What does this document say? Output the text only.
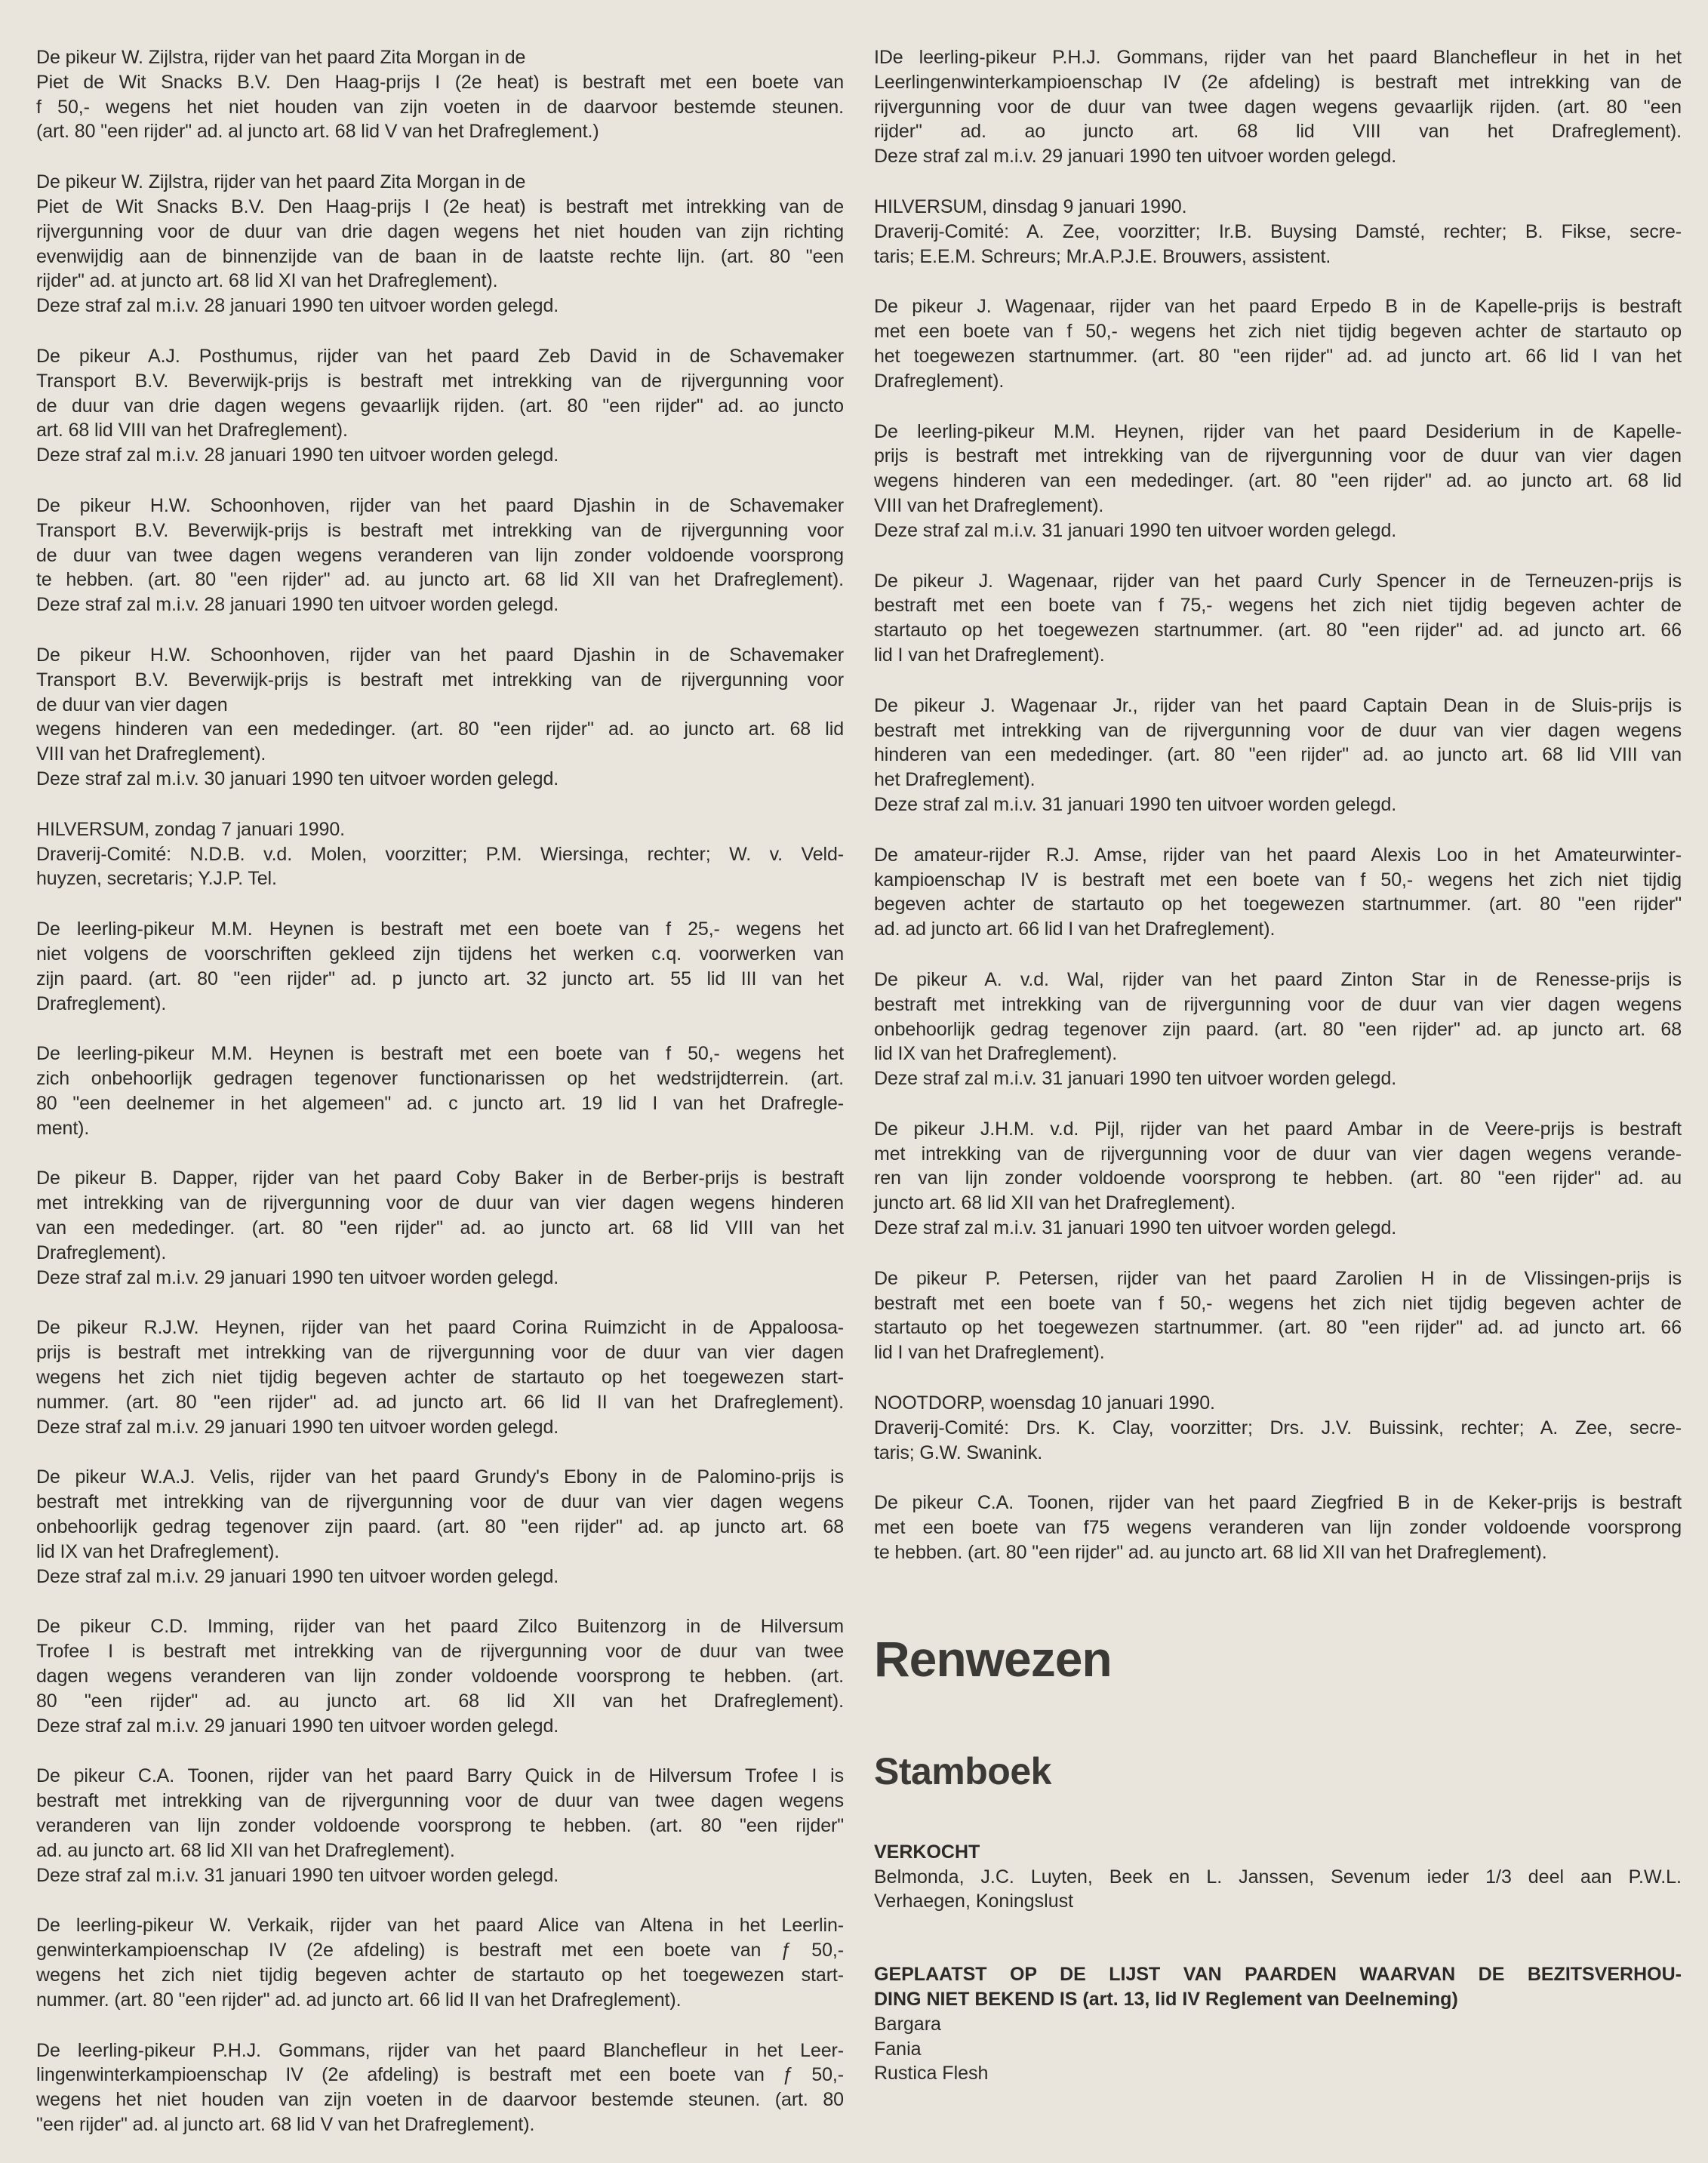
De pikeur W. Zijlstra, rijder van het paard Zita Morgan in de
Piet de Wit Snacks B.V. Den Haag-prijs I (2e heat) is bestraft met een boete van
f 50,- wegens het niet houden van zijn voeten in de daarvoor bestemde steunen.
(art. 80 "een rijder" ad. al juncto art. 68 lid V van het Drafreglement.)
De pikeur W. Zijlstra, rijder van het paard Zita Morgan in de
Piet de Wit Snacks B.V. Den Haag-prijs I (2e heat) is bestraft met intrekking van de
rijvergunning voor de duur van drie dagen wegens het niet houden van zijn richting
evenwijdig aan de binnenzijde van de baan in de laatste rechte lijn. (art. 80 "een
rijder" ad. at juncto art. 68 lid XI van het Drafreglement).
Deze straf zal m.i.v. 28 januari 1990 ten uitvoer worden gelegd.
De pikeur A.J. Posthumus, rijder van het paard Zeb David in de Schavemaker
Transport B.V. Beverwijk-prijs is bestraft met intrekking van de rijvergunning voor
de duur van drie dagen wegens gevaarlijk rijden. (art. 80 "een rijder" ad. ao juncto
art. 68 lid VIII van het Drafreglement).
Deze straf zal m.i.v. 28 januari 1990 ten uitvoer worden gelegd.
De pikeur H.W. Schoonhoven, rijder van het paard Djashin in de Schavemaker
Transport B.V. Beverwijk-prijs is bestraft met intrekking van de rijvergunning voor
de duur van twee dagen wegens veranderen van lijn zonder voldoende voorsprong
te hebben. (art. 80 "een rijder" ad. au juncto art. 68 lid XII van het Drafreglement).
Deze straf zal m.i.v. 28 januari 1990 ten uitvoer worden gelegd.
De pikeur H.W. Schoonhoven, rijder van het paard Djashin in de Schavemaker
Transport B.V. Beverwijk-prijs is bestraft met intrekking van de rijvergunning voor
de duur van vier dagen
wegens hinderen van een mededinger. (art. 80 "een rijder" ad. ao juncto art. 68 lid
VIII van het Drafreglement).
Deze straf zal m.i.v. 30 januari 1990 ten uitvoer worden gelegd.
HILVERSUM, zondag 7 januari 1990.
Draverij-Comité: N.D.B. v.d. Molen, voorzitter; P.M. Wiersinga, rechter; W. v. Veld-
huyzen, secretaris; Y.J.P. Tel.
De leerling-pikeur M.M. Heynen is bestraft met een boete van f 25,- wegens het
niet volgens de voorschriften gekleed zijn tijdens het werken c.q. voorwerken van
zijn paard. (art. 80 "een rijder" ad. p juncto art. 32 juncto art. 55 lid III van het
Drafreglement).
De leerling-pikeur M.M. Heynen is bestraft met een boete van f 50,- wegens het
zich onbehoorlijk gedragen tegenover functionarissen op het wedstrijdterrein. (art.
80 "een deelnemer in het algemeen" ad. c juncto art. 19 lid I van het Drafregle-
ment).
De pikeur B. Dapper, rijder van het paard Coby Baker in de Berber-prijs is bestraft
met intrekking van de rijvergunning voor de duur van vier dagen wegens hinderen
van een mededinger. (art. 80 "een rijder" ad. ao juncto art. 68 lid VIII van het
Drafreglement).
Deze straf zal m.i.v. 29 januari 1990 ten uitvoer worden gelegd.
De pikeur R.J.W. Heynen, rijder van het paard Corina Ruimzicht in de Appaloosa-
prijs is bestraft met intrekking van de rijvergunning voor de duur van vier dagen
wegens het zich niet tijdig begeven achter de startauto op het toegewezen start-
nummer. (art. 80 "een rijder" ad. ad juncto art. 66 lid II van het Drafreglement).
Deze straf zal m.i.v. 29 januari 1990 ten uitvoer worden gelegd.
De pikeur W.A.J. Velis, rijder van het paard Grundy's Ebony in de Palomino-prijs is
bestraft met intrekking van de rijvergunning voor de duur van vier dagen wegens
onbehoorlijk gedrag tegenover zijn paard. (art. 80 "een rijder" ad. ap juncto art. 68
lid IX van het Drafreglement).
Deze straf zal m.i.v. 29 januari 1990 ten uitvoer worden gelegd.
De pikeur C.D. Imming, rijder van het paard Zilco Buitenzorg in de Hilversum
Trofee I is bestraft met intrekking van de rijvergunning voor de duur van twee
dagen wegens veranderen van lijn zonder voldoende voorsprong te hebben. (art.
80 "een rijder" ad. au juncto art. 68 lid XII van het Drafreglement).
Deze straf zal m.i.v. 29 januari 1990 ten uitvoer worden gelegd.
De pikeur C.A. Toonen, rijder van het paard Barry Quick in de Hilversum Trofee I is
bestraft met intrekking van de rijvergunning voor de duur van twee dagen wegens
veranderen van lijn zonder voldoende voorsprong te hebben. (art. 80 "een rijder"
ad. au juncto art. 68 lid XII van het Drafreglement).
Deze straf zal m.i.v. 31 januari 1990 ten uitvoer worden gelegd.
De leerling-pikeur W. Verkaik, rijder van het paard Alice van Altena in het Leerlin-
genwinterkampioenschap IV (2e afdeling) is bestraft met een boete van ƒ 50,-
wegens het zich niet tijdig begeven achter de startauto op het toegewezen start-
nummer. (art. 80 "een rijder" ad. ad juncto art. 66 lid II van het Drafreglement).
De leerling-pikeur P.H.J. Gommans, rijder van het paard Blanchefleur in het Leer-
lingenwinterkampioenschap IV (2e afdeling) is bestraft met een boete van ƒ 50,-
wegens het niet houden van zijn voeten in de daarvoor bestemde steunen. (art. 80
"een rijder" ad. al juncto art. 68 lid V van het Drafreglement).
IDe leerling-pikeur P.H.J. Gommans, rijder van het paard Blanchefleur in het in het
Leerlingenwinterkampioenschap IV (2e afdeling) is bestraft met intrekking van de
rijvergunning voor de duur van twee dagen wegens gevaarlijk rijden. (art. 80 "een
rijder" ad. ao juncto art. 68 lid VIII van het Drafreglement).
Deze straf zal m.i.v. 29 januari 1990 ten uitvoer worden gelegd.
HILVERSUM, dinsdag 9 januari 1990.
Draverij-Comité: A. Zee, voorzitter; Ir.B. Buysing Damsté, rechter; B. Fikse, secre-
taris; E.E.M. Schreurs; Mr.A.P.J.E. Brouwers, assistent.
De pikeur J. Wagenaar, rijder van het paard Erpedo B in de Kapelle-prijs is bestraft
met een boete van f 50,- wegens het zich niet tijdig begeven achter de startauto op
het toegewezen startnummer. (art. 80 "een rijder" ad. ad juncto art. 66 lid I van het
Drafreglement).
De leerling-pikeur M.M. Heynen, rijder van het paard Desiderium in de Kapelle-
prijs is bestraft met intrekking van de rijvergunning voor de duur van vier dagen
wegens hinderen van een mededinger. (art. 80 "een rijder" ad. ao juncto art. 68 lid
VIII van het Drafreglement).
Deze straf zal m.i.v. 31 januari 1990 ten uitvoer worden gelegd.
De pikeur J. Wagenaar, rijder van het paard Curly Spencer in de Terneuzen-prijs is
bestraft met een boete van f 75,- wegens het zich niet tijdig begeven achter de
startauto op het toegewezen startnummer. (art. 80 "een rijder" ad. ad juncto art. 66
lid I van het Drafreglement).
De pikeur J. Wagenaar Jr., rijder van het paard Captain Dean in de Sluis-prijs is
bestraft met intrekking van de rijvergunning voor de duur van vier dagen wegens
hinderen van een mededinger. (art. 80 "een rijder" ad. ao juncto art. 68 lid VIII van
het Drafreglement).
Deze straf zal m.i.v. 31 januari 1990 ten uitvoer worden gelegd.
De amateur-rijder R.J. Amse, rijder van het paard Alexis Loo in het Amateurwinter-
kampioenschap IV is bestraft met een boete van f 50,- wegens het zich niet tijdig
begeven achter de startauto op het toegewezen startnummer. (art. 80 "een rijder"
ad. ad juncto art. 66 lid I van het Drafreglement).
De pikeur A. v.d. Wal, rijder van het paard Zinton Star in de Renesse-prijs is
bestraft met intrekking van de rijvergunning voor de duur van vier dagen wegens
onbehoorlijk gedrag tegenover zijn paard. (art. 80 "een rijder" ad. ap juncto art. 68
lid IX van het Drafreglement).
Deze straf zal m.i.v. 31 januari 1990 ten uitvoer worden gelegd.
De pikeur J.H.M. v.d. Pijl, rijder van het paard Ambar in de Veere-prijs is bestraft
met intrekking van de rijvergunning voor de duur van vier dagen wegens verande-
ren van lijn zonder voldoende voorsprong te hebben. (art. 80 "een rijder" ad. au
juncto art. 68 lid XII van het Drafreglement).
Deze straf zal m.i.v. 31 januari 1990 ten uitvoer worden gelegd.
De pikeur P. Petersen, rijder van het paard Zarolien H in de Vlissingen-prijs is
bestraft met een boete van f 50,- wegens het zich niet tijdig begeven achter de
startauto op het toegewezen startnummer. (art. 80 "een rijder" ad. ad juncto art. 66
lid I van het Drafreglement).
NOOTDORP, woensdag 10 januari 1990.
Draverij-Comité: Drs. K. Clay, voorzitter; Drs. J.V. Buissink, rechter; A. Zee, secre-
taris; G.W. Swanink.
De pikeur C.A. Toonen, rijder van het paard Ziegfried B in de Keker-prijs is bestraft
met een boete van f75 wegens veranderen van lijn zonder voldoende voorsprong
te hebben. (art. 80 "een rijder" ad. au juncto art. 68 lid XII van het Drafreglement).
Renwezen
Stamboek
VERKOCHT
Belmonda, J.C. Luyten, Beek en L. Janssen, Sevenum ieder 1/3 deel aan P.W.L.
Verhaegen, Koningslust
GEPLAATST OP DE LIJST VAN PAARDEN WAARVAN DE BEZITSVERHOU-
DING NIET BEKEND IS (art. 13, lid IV Reglement van Deelneming)
Bargara
Fania
Rustica Flesh
